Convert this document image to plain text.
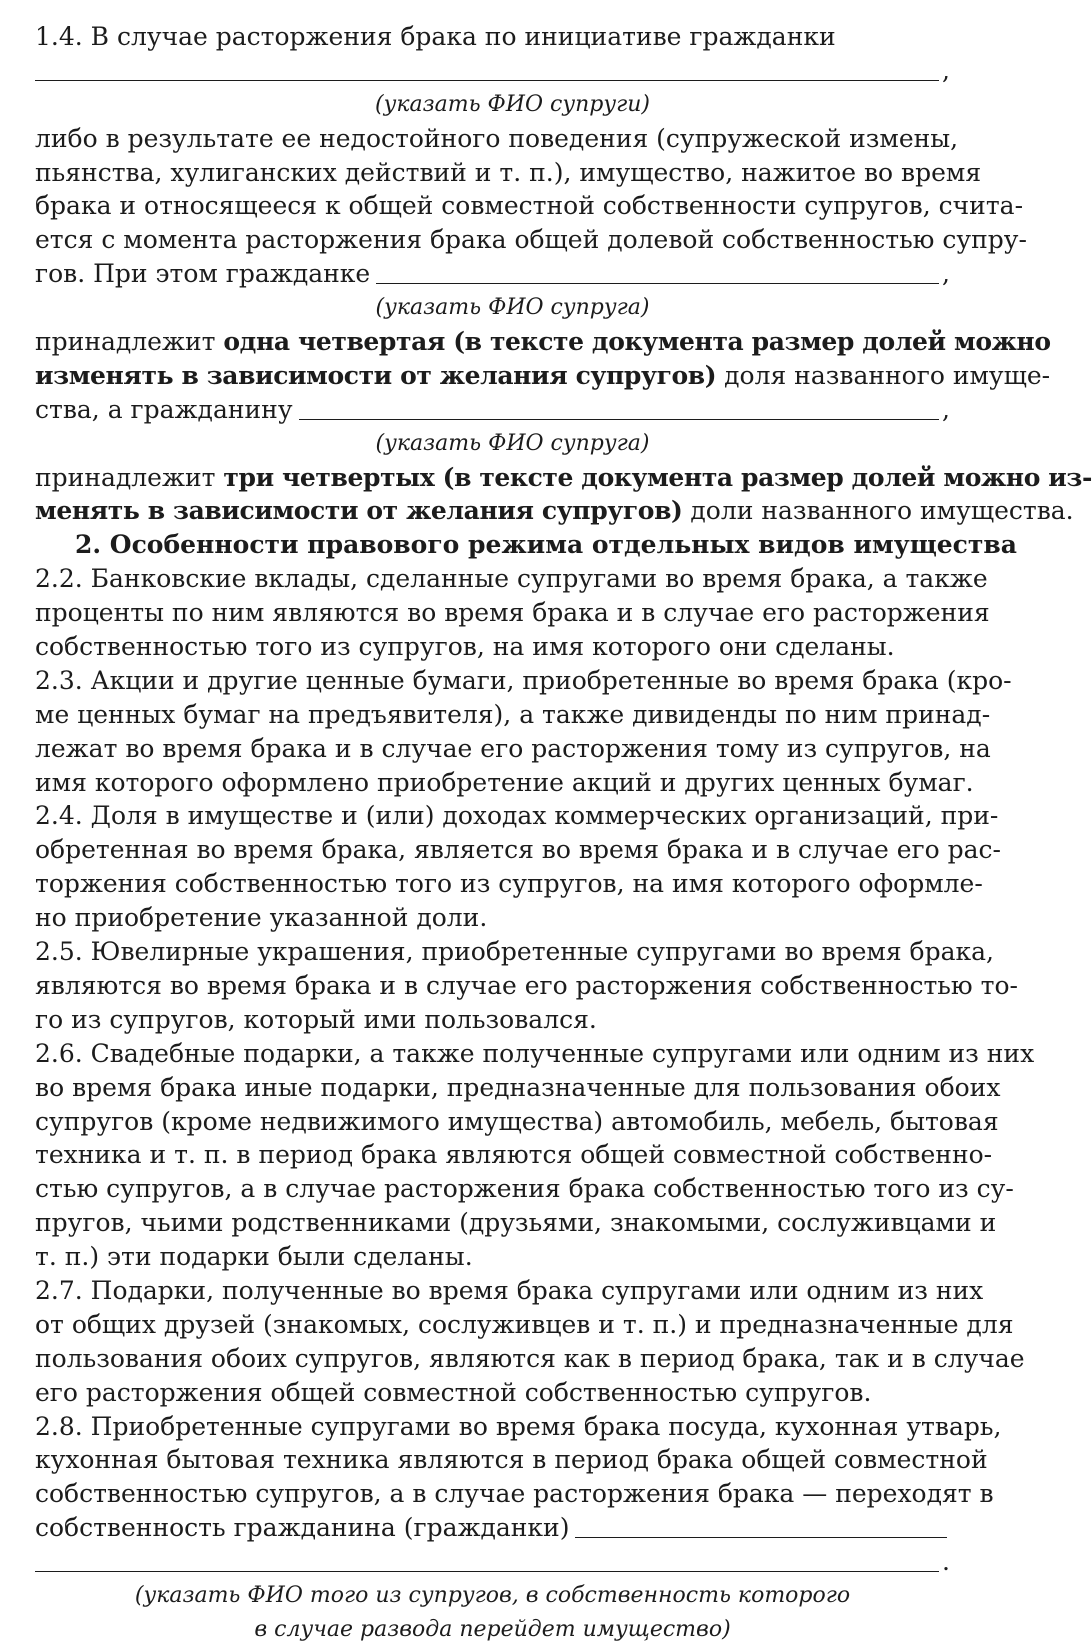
1.4. В случае расторжения брака по инициативе гражданки
,
(указать ФИО супруги)
либо в результате ее недостойного поведения (супружеской измены,
пьянства, хулиганских действий и т. п.), имущество, нажитое во время
брака и относящееся к общей совместной собственности супругов, счита-
ется с момента расторжения брака общей долевой собственностью супру-
гов. При этом гражданке	,
(указать ФИО супруга)
принадлежит одна четвертая (в тексте документа размер долей можно
изменять в зависимости от желания супругов) доля названного имуще-
ства, а гражданину	,
(указать ФИО супруга)
принадлежит три четвертых (в тексте документа размер долей можно из-
менять в зависимости от желания супругов) доли названного имущества.
2. Особенности правового режима отдельных видов имущества
2.2. Банковские вклады, сделанные супругами во время брака, а также
проценты по ним являются во время брака и в случае его расторжения
собственностью того из супругов, на имя которого они сделаны.
2.3. Акции и другие ценные бумаги, приобретенные во время брака (кро-
ме ценных бумаг на предъявителя), а также дивиденды по ним принад-
лежат во время брака и в случае его расторжения тому из супругов, на
имя которого оформлено приобретение акций и других ценных бумаг.
2.4. Доля в имуществе и (или) доходах коммерческих организаций, при-
обретенная во время брака, является во время брака и в случае его рас-
торжения собственностью того из супругов, на имя которого оформле-
но приобретение указанной доли.
2.5. Ювелирные украшения, приобретенные супругами во время брака,
являются во время брака и в случае его расторжения собственностью то-
го из супругов, который ими пользовался.
2.6. Свадебные подарки, а также полученные супругами или одним из них
во время брака иные подарки, предназначенные для пользования обоих
супругов (кроме недвижимого имущества) автомобиль, мебель, бытовая
техника и т. п. в период брака являются общей совместной собственно-
стью супругов, а в случае расторжения брака собственностью того из су-
пругов, чьими родственниками (друзьями, знакомыми, сослуживцами и
т. п.) эти подарки были сделаны.
2.7. Подарки, полученные во время брака супругами или одним из них
от общих друзей (знакомых, сослуживцев и т. п.) и предназначенные для
пользования обоих супругов, являются как в период брака, так и в случае
его расторжения общей совместной собственностью супругов.
2.8. Приобретенные супругами во время брака посуда, кухонная утварь,
кухонная бытовая техника являются в период брака общей совместной
собственностью супругов, а в случае расторжения брака — переходят в
собственность гражданина (гражданки)
.
(указать ФИО того из супругов, в собственность которого
в случае развода перейдет имущество)
